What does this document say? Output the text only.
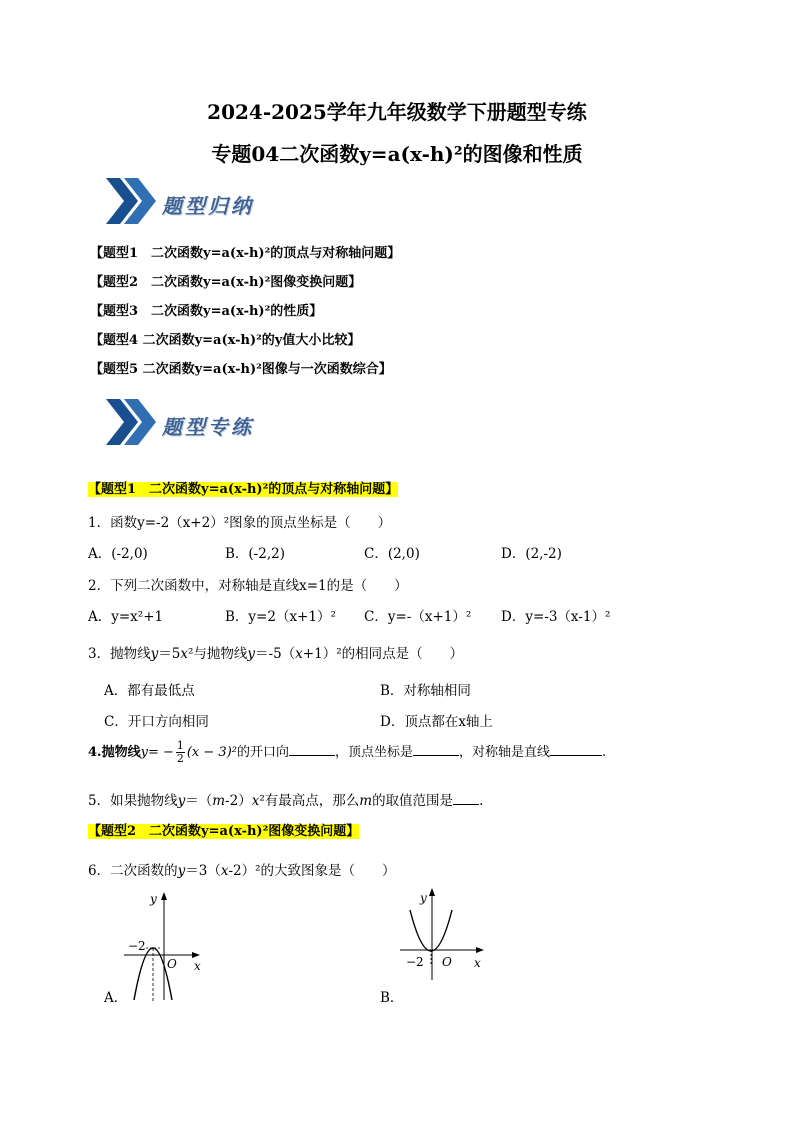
2024-2025学年九年级数学下册题型专练
专题04二次函数y=a(x-h)²的图像和性质
题型归纳
【题型1　二次函数y=a(x-h)²的顶点与对称轴问题】
【题型2　二次函数y=a(x-h)²图像变换问题】
【题型3　二次函数y=a(x-h)²的性质】
【题型4 二次函数y=a(x-h)²的y值大小比较】
【题型5 二次函数y=a(x-h)²图像与一次函数综合】
题型专练
【题型1　二次函数y=a(x-h)²的顶点与对称轴问题】
1．函数y=-2（x+2）²图象的顶点坐标是（　　）
A．(-2,0)	B．(-2,2)	C．(2,0)	D．(2,-2)
2．下列二次函数中，对称轴是直线x=1的是（　　）
A．y=x²+1	B．y=2（x+1）² C．y=-（x+1）² D．y=-3（x-1）²
3．抛物线y＝5x²与抛物线y＝-5（x+1）²的相同点是（　　）
A．都有最低点	B．对称轴相同
C．开口方向相同	D．顶点都在x轴上
4.抛物线$y= - \frac{1}{2} (x - 3)^2$的开口向	，顶点坐标是	，对称轴是直线	.
5．如果抛物线y＝（m-2）x²有最高点，那么m的取值范围是 .
【题型2　二次函数y=a(x-h)²图像变换问题】
6．二次函数的y＝3（x-2）²的大致图象是（　　）
y
x
O
−2
A．
y
x
O
−2
B．
